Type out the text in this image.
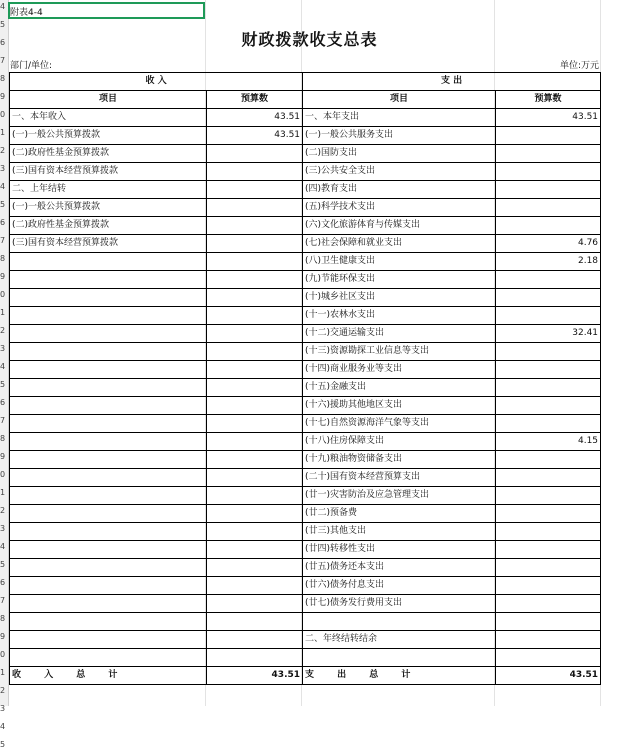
4
5
6
7
8
9
0
1
2
3
4
5
6
7
8
9
0
1
2
3
4
5
6
7
8
9
0
1
2
3
4
5
6
7
8
9
0
1
2
3
4
5
附表4-4
财政拨款收支总表
部门/单位:	单位:万元
收 入		支 出	
项目	预算数	项目	预算数
一、本年收入	43.51	一、本年支出	43.51
(一)一般公共预算拨款	43.51	(一)一般公共服务支出	
(二)政府性基金预算拨款		(二)国防支出	
(三)国有资本经营预算拨款		(三)公共安全支出	
二、上年结转		(四)教育支出	
(一)一般公共预算拨款		(五)科学技术支出	
(二)政府性基金预算拨款		(六)文化旅游体育与传媒支出	
(三)国有资本经营预算拨款		(七)社会保障和就业支出	4.76
		(八)卫生健康支出	2.18
		(九)节能环保支出	
		(十)城乡社区支出	
		(十一)农林水支出	
		(十二)交通运输支出	32.41
		(十三)资源勘探工业信息等支出	
		(十四)商业服务业等支出	
		(十五)金融支出	
		(十六)援助其他地区支出	
		(十七)自然资源海洋气象等支出	
		(十八)住房保障支出	4.15
		(十九)粮油物资储备支出	
		(二十)国有资本经营预算支出	
		(廿一)灾害防治及应急管理支出	
		(廿二)预备费	
		(廿三)其他支出	
		(廿四)转移性支出	
		(廿五)债务还本支出	
		(廿六)债务付息支出	
		(廿七)债务发行费用支出	

		二、年终结转结余	

收 入 总 计	43.51	支 出 总 计	43.51
